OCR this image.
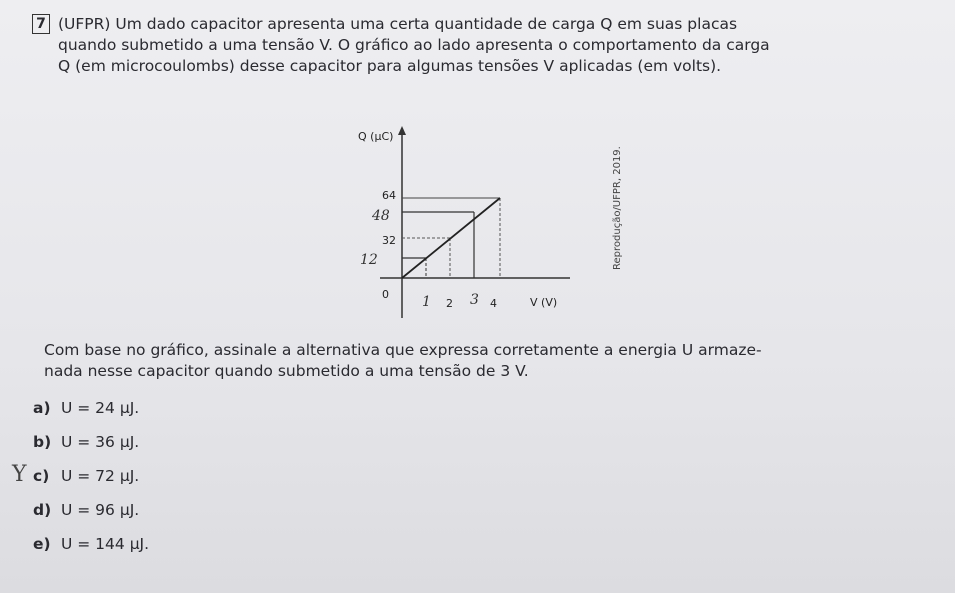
7 (UFPR) Um dado capacitor apresenta uma certa quantidade de carga Q em suas placas

quando submetido a uma tensão V. O gráfico ao lado apresenta o comportamento da carga

Q (em microcoulombs) desse capacitor para algumas tensões V aplicadas (em volts).

Q (μC)
V (V)
0
2	4
64
32
1	3
12
48	Reprodução/UFPR, 2019.

Com base no gráfico, assinale a alternativa que expressa corretamente a energia U armaze-

nada nesse capacitor quando submetido a uma tensão de 3 V.

a) U = 24 μJ.
b) U = 36 μJ.
c) U = 72 μJ.
d) U = 96 μJ.
e) U = 144 μJ.
Y
